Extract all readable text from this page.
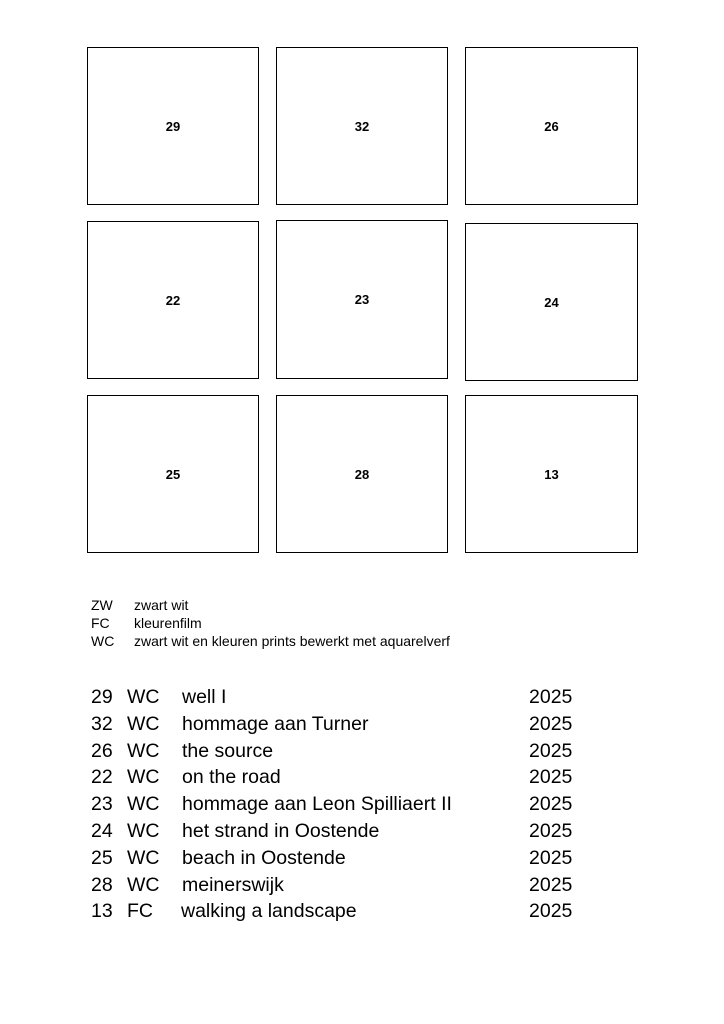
29	32	26
22	23	24
25	28	13
ZW	zwart wit
FC	kleurenfilm
WC	zwart wit en kleuren prints bewerkt met aquarelverf
29 WC well I	2025
32 WC hommage aan Turner	2025
26 WC the source	2025
22 WC on the road	2025
23 WC hommage aan Leon Spilliaert II	2025
24 WC het strand in Oostende	2025
25 WC beach in Oostende	2025
28 WC meinerswijk	2025
13 FC walking a landscape	2025
